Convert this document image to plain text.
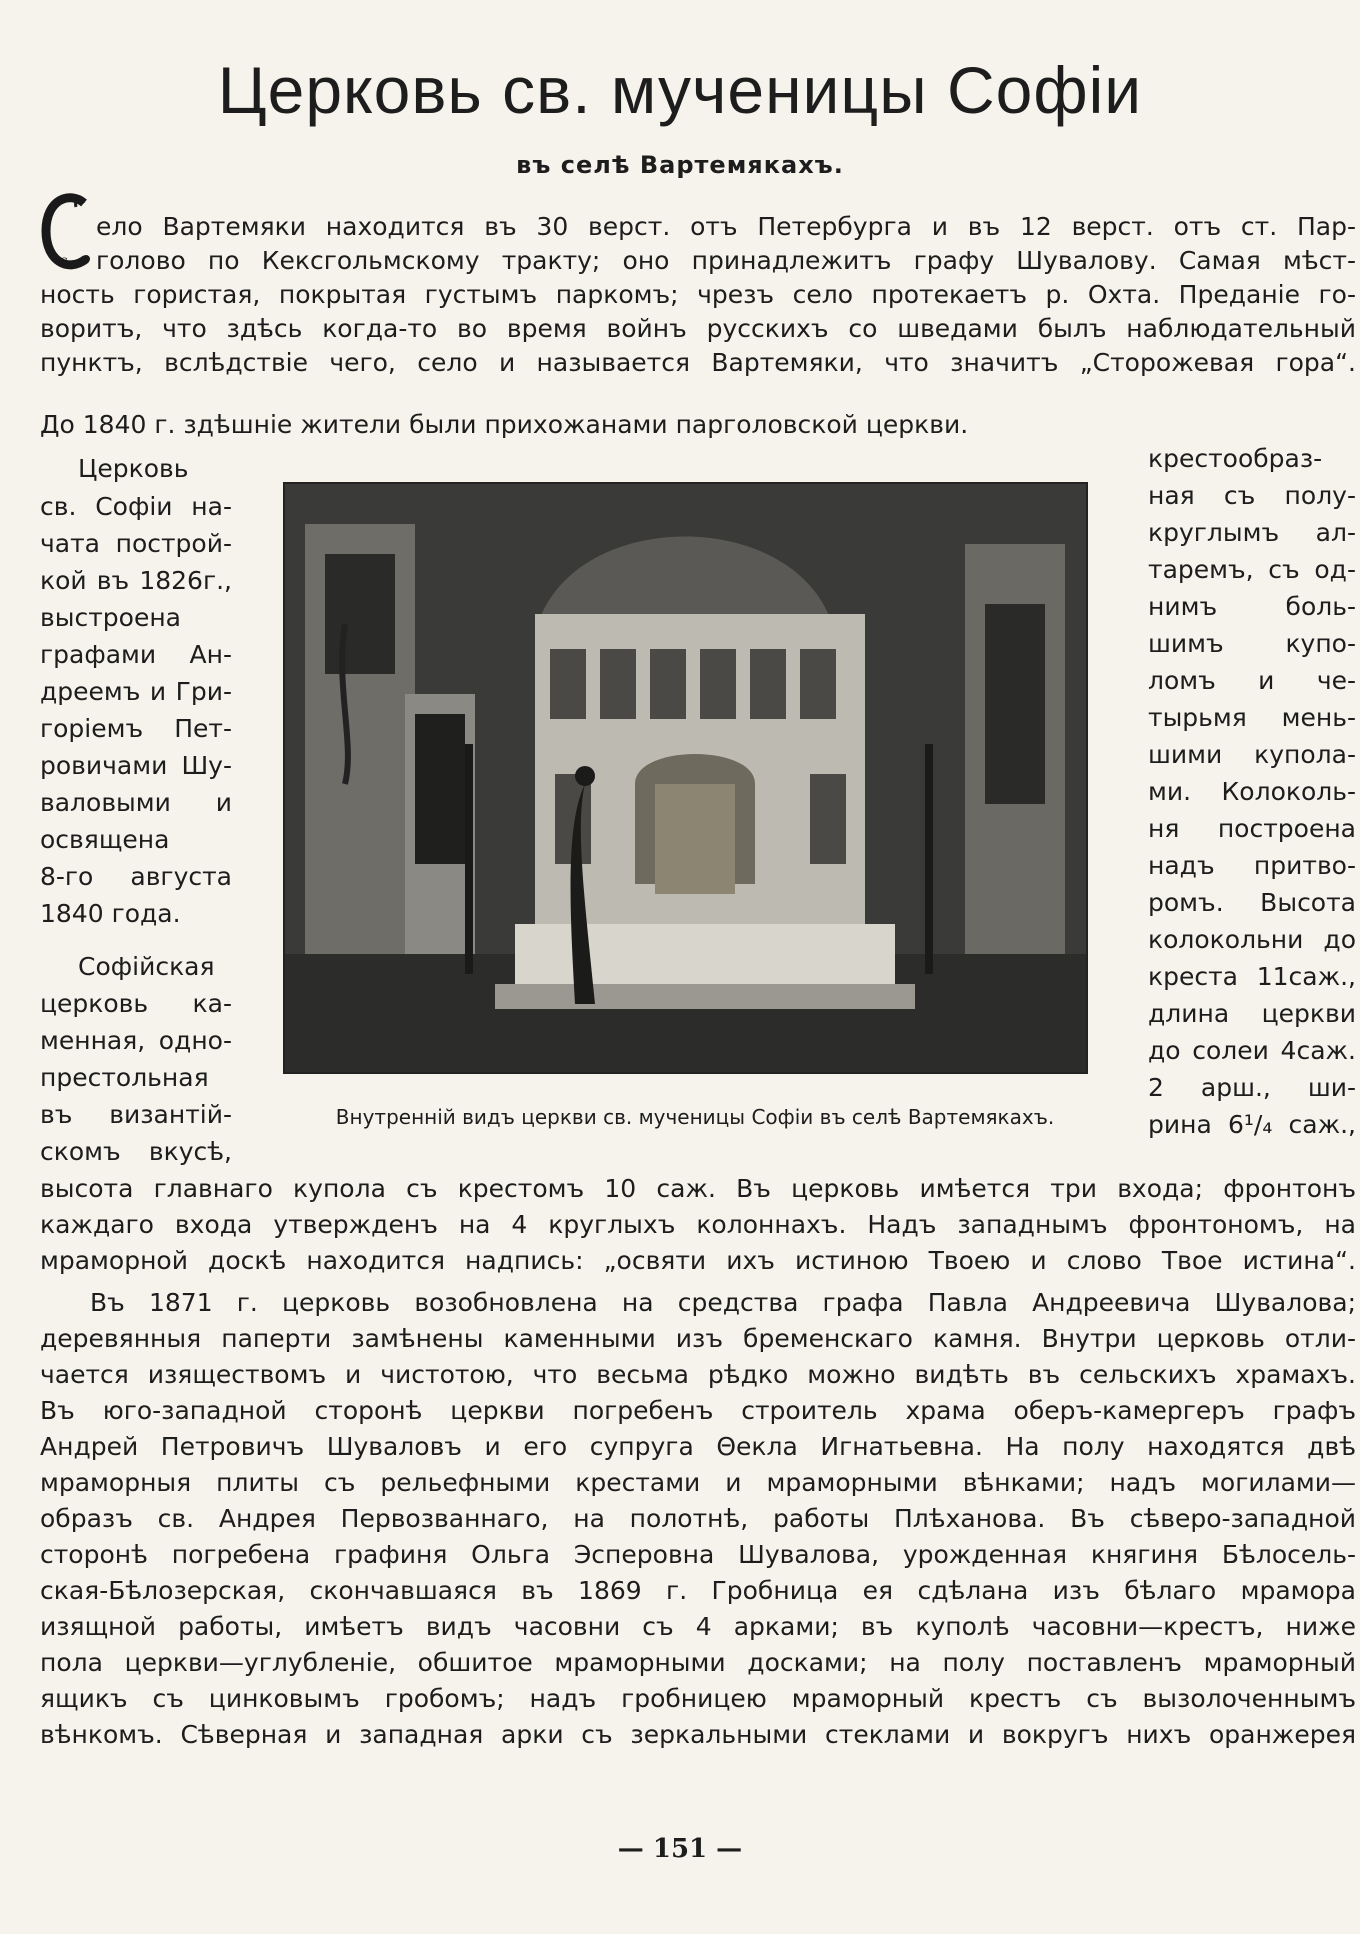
Церковь св. мученицы Софiи
въ селѣ Вартемякахъ.
С
ело Вартемяки находится въ 30 верст. отъ Петербурга и въ 12 верст. отъ ст. Пар-
голово по Кексгольмскому тракту; оно принадлежитъ графу Шувалову. Самая мѣст-
ность гористая, покрытая густымъ паркомъ; чрезъ село протекаетъ р. Охта. Преданiе го-
воритъ, что здѣсь когда-то во время войнъ русскихъ со шведами былъ наблюдательный
пунктъ, вслѣдствiе чего, село и называется Вартемяки, что значитъ „Сторожевая гора“.
До 1840 г. здѣшнiе жители были прихожанами парголовской церкви.
Церковь
св. Софiи на-
чата построй-
кой въ 1826г.,
выстроена
графами Ан-
дреемъ и Гри-
горiемъ Пет-
ровичами Шу-
валовыми и
освящена
8-го августа
1840 года.
Софiйская
церковь ка-
менная, одно-
престольная
въ византiй-
скомъ вкусѣ,
крестообраз-
ная съ полу-
круглымъ ал-
таремъ, съ од-
нимъ боль-
шимъ купо-
ломъ и че-
тырьмя мень-
шими купола-
ми. Колоколь-
ня построена
надъ притво-
ромъ. Высота
колокольни до
креста 11саж.,
длина церкви
до солеи 4саж.
2 арш., ши-
рина 6¹/₄ саж.,
Внутреннiй видъ церкви св. мученицы Софiи въ селѣ Вартемякахъ.
высота главнаго купола съ крестомъ 10 саж. Въ церковь имѣется три входа; фронтонъ
каждаго входа утвержденъ на 4 круглыхъ колоннахъ. Надъ западнымъ фронтономъ, на
мраморной доскѣ находится надпись: „освяти ихъ истиною Твоею и слово Твое истина“.
Въ 1871 г. церковь возобновлена на средства графа Павла Андреевича Шувалова;
деревянныя паперти замѣнены каменными изъ бременскаго камня. Внутри церковь отли-
чается изяществомъ и чистотою, что весьма рѣдко можно видѣть въ сельскихъ храмахъ.
Въ юго-западной сторонѣ церкви погребенъ строитель храма оберъ-камергеръ графъ
Андрей Петровичъ Шуваловъ и его супруга Θекла Игнатьевна. На полу находятся двѣ
мраморныя плиты съ рельефными крестами и мраморными вѣнками; надъ могилами—
образъ св. Андрея Первозваннаго, на полотнѣ, работы Плѣханова. Въ сѣверо-западной
сторонѣ погребена графиня Ольга Эсперовна Шувалова, урожденная княгиня Бѣлосель-
ская-Бѣлозерская, скончавшаяся въ 1869 г. Гробница ея сдѣлана изъ бѣлаго мрамора
изящной работы, имѣетъ видъ часовни съ 4 арками; въ куполѣ часовни—крестъ, ниже
пола церкви—углубленiе, обшитое мраморными досками; на полу поставленъ мраморный
ящикъ съ цинковымъ гробомъ; надъ гробницею мраморный крестъ съ вызолоченнымъ
вѣнкомъ. Сѣверная и западная арки съ зеркальными стеклами и вокругъ нихъ оранжерея
— 151 —
